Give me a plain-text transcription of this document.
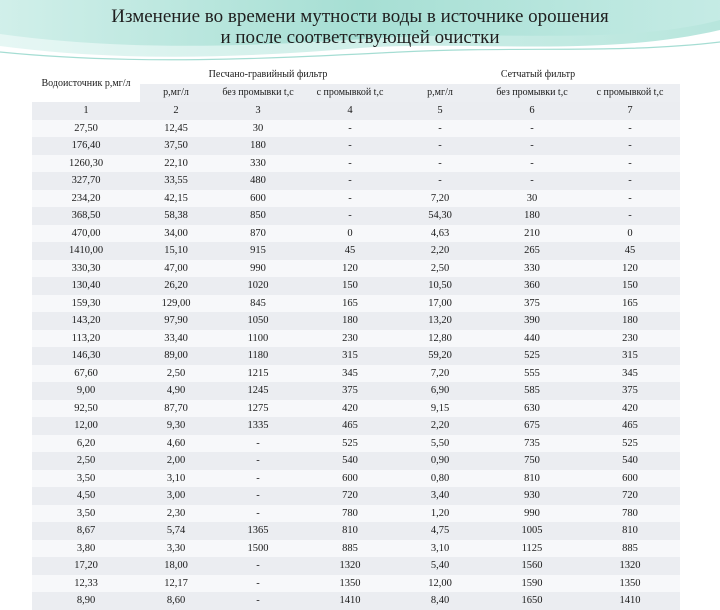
Изменение во времени мутности воды в источнике орошения
и после соответствующей очистки
Водоисточник p,мг/л	Песчано-гравийный фильтр			Сетчатый фильтр		
	p,мг/л	без промывки t,c	с промывкой t,c	p,мг/л	без промывки t,c	с промывкой t,c
1	2	3	4	5	6	7
27,50	12,45	30	-	-	-	-
176,40	37,50	180	-	-	-	-
1260,30	22,10	330	-	-	-	-
327,70	33,55	480	-	-	-	-
234,20	42,15	600	-	7,20	30	-
368,50	58,38	850	-	54,30	180	-
470,00	34,00	870	0	4,63	210	0
1410,00	15,10	915	45	2,20	265	45
330,30	47,00	990	120	2,50	330	120
130,40	26,20	1020	150	10,50	360	150
159,30	129,00	845	165	17,00	375	165
143,20	97,90	1050	180	13,20	390	180
113,20	33,40	1100	230	12,80	440	230
146,30	89,00	1180	315	59,20	525	315
67,60	2,50	1215	345	7,20	555	345
9,00	4,90	1245	375	6,90	585	375
92,50	87,70	1275	420	9,15	630	420
12,00	9,30	1335	465	2,20	675	465
6,20	4,60	-	525	5,50	735	525
2,50	2,00	-	540	0,90	750	540
3,50	3,10	-	600	0,80	810	600
4,50	3,00	-	720	3,40	930	720
3,50	2,30	-	780	1,20	990	780
8,67	5,74	1365	810	4,75	1005	810
3,80	3,30	1500	885	3,10	1125	885
17,20	18,00	-	1320	5,40	1560	1320
12,33	12,17	-	1350	12,00	1590	1350
8,90	8,60	-	1410	8,40	1650	1410
